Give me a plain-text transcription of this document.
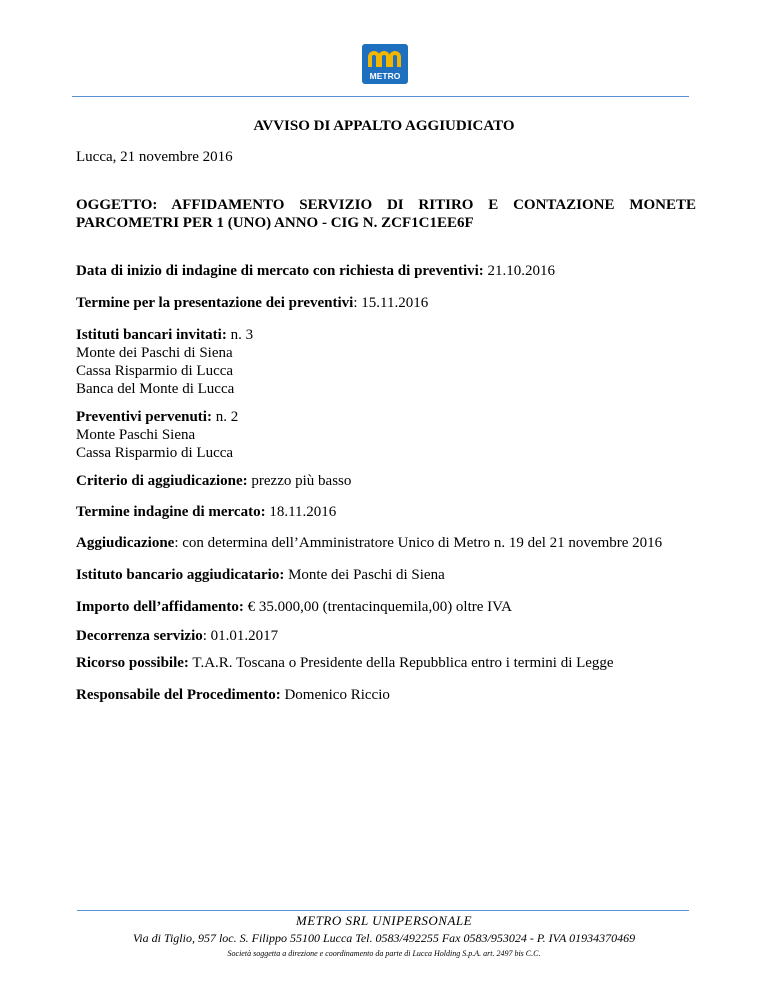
METRO
AVVISO DI APPALTO AGGIUDICATO
Lucca, 21 novembre 2016
OGGETTO: AFFIDAMENTO SERVIZIO DI RITIRO E CONTAZIONE MONETE PARCOMETRI PER 1 (UNO) ANNO - CIG N. ZCF1C1EE6F
Data di inizio di indagine di mercato con richiesta di preventivi: 21.10.2016
Termine per la presentazione dei preventivi: 15.11.2016
Istituti bancari invitati: n. 3
Monte dei Paschi di Siena
Cassa Risparmio di Lucca
Banca del Monte di Lucca
Preventivi pervenuti: n. 2
Monte Paschi Siena
Cassa Risparmio di Lucca
Criterio di aggiudicazione: prezzo più basso
Termine indagine di mercato: 18.11.2016
Aggiudicazione: con determina dell’Amministratore Unico di Metro n. 19 del 21 novembre 2016
Istituto bancario aggiudicatario: Monte dei Paschi di Siena
Importo dell’affidamento: € 35.000,00 (trentacinquemila,00) oltre IVA
Decorrenza servizio: 01.01.2017
Ricorso possibile: T.A.R. Toscana o Presidente della Repubblica entro i termini di Legge
Responsabile del Procedimento: Domenico Riccio
METRO SRL UNIPERSONALE
Via di Tiglio, 957 loc. S. Filippo 55100 Lucca Tel. 0583/492255 Fax 0583/953024 - P. IVA 01934370469
Società soggetta a direzione e coordinamento da parte di Lucca Holding S.p.A. art. 2497 bis C.C.
